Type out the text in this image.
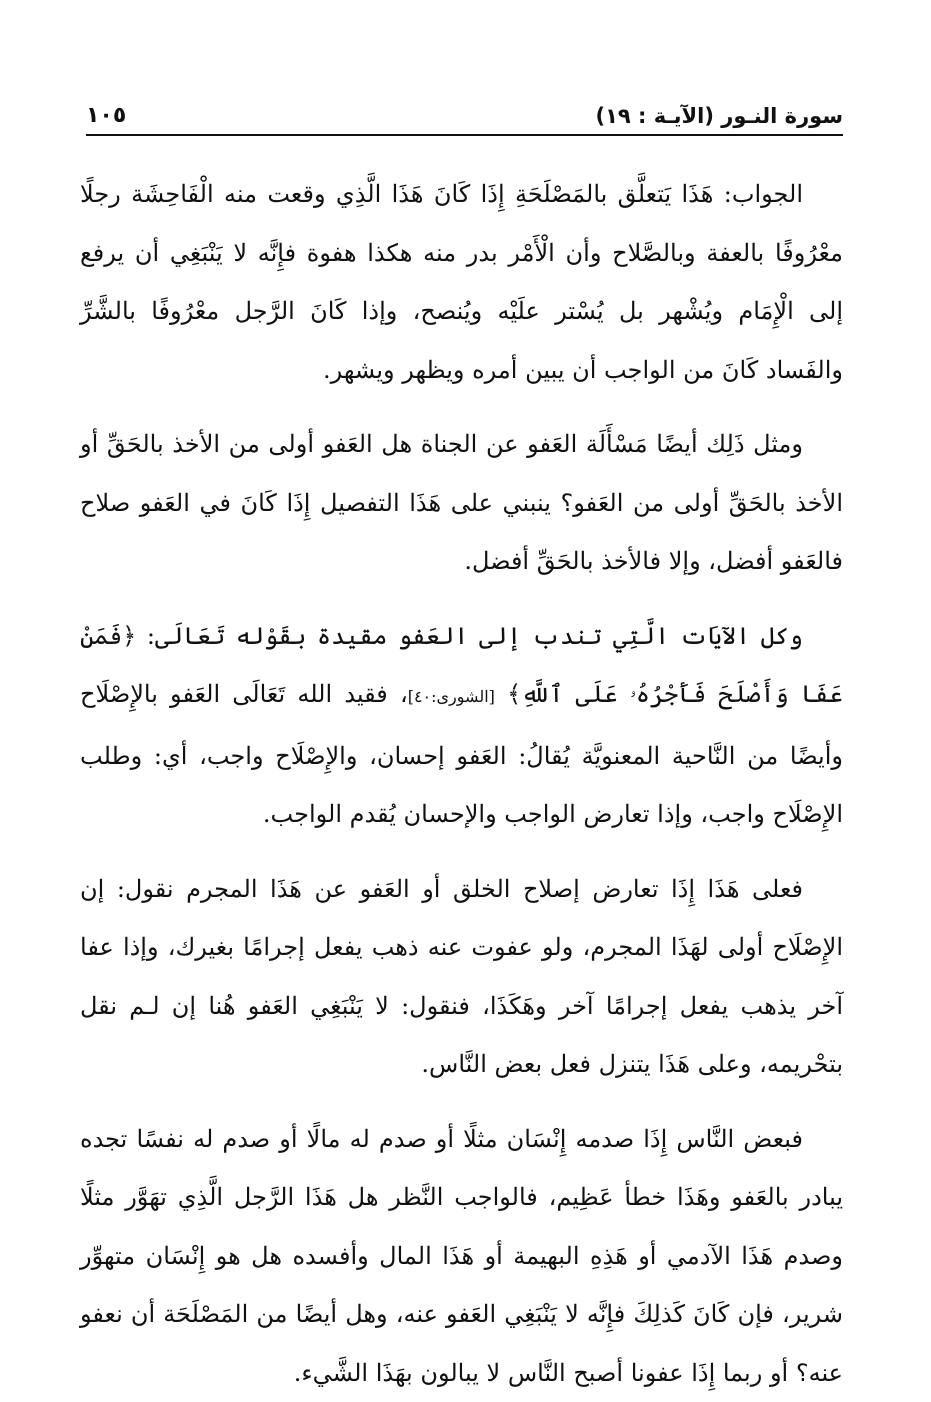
سورة النـور (الآيـة : ١٩)
١٠٥

الجواب: هَذَا يَتعلَّق بالمَصْلَحَةِ إِذَا كَانَ هَذَا الَّذِي وقعت منه الْفَاحِشَة رجلًا معْرُوفًا بالعفة وبالصَّلاح وأن الْأَمْر بدر منه هكذا هفوة فإِنَّه لا يَنْبَغِي أن يرفع إلى الْإِمَام ويُشْهر بل يُسْتر علَيْه ويُنصح، وإذا كَانَ الرَّجل معْرُوفًا بالشَّرِّ والفَساد كَانَ من الواجب أن يبين أمره ويظهر ويشهر.

ومثل ذَلِك أيضًا مَسْأَلَة العَفو عن الجناة هل العَفو أولى من الأخذ بالحَقِّ أو الأخذ بالحَقِّ أولى من العَفو؟ ينبني على هَذَا التفصيل إِذَا كَانَ في العَفو صلاح فالعَفو أفضل، وإلا فالأخذ بالحَقِّ أفضل.

وكل الآيَات الَّتِي تندب إلى العَفو مقيدة بقَوْله تَعَالَى: ﴿فَمَنْ عَفَا وَأَصْلَحَ فَأَجْرُهُۥ عَلَى ٱللَّهِ﴾ [الشورى:٤٠]، فقيد الله تَعَالَى العَفو بالإِصْلَاح وأيضًا من النَّاحية المعنويَّة يُقالُ: العَفو إحسان، والإِصْلَاح واجب، أي: وطلب الإِصْلَاح واجب، وإذا تعارض الواجب والإحسان يُقدم الواجب.

فعلى هَذَا إِذَا تعارض إصلاح الخلق أو العَفو عن هَذَا المجرم نقول: إن الإِصْلَاح أولى لهَذَا المجرم، ولو عفوت عنه ذهب يفعل إجرامًا بغيرك، وإذا عفا آخر يذهب يفعل إجرامًا آخر وهَكَذَا، فنقول: لا يَنْبَغِي العَفو هُنا إن لـم نقل بتحْريمه، وعلى هَذَا يتنزل فعل بعض النَّاس.

فبعض النَّاس إِذَا صدمه إِنْسَان مثلًا أو صدم له مالًا أو صدم له نفسًا تجده يبادر بالعَفو وهَذَا خطأ عَظِيم، فالواجب النَّظر هل هَذَا الرَّجل الَّذِي تهَوَّر مثلًا وصدم هَذَا الآدمي أو هَذِهِ البهيمة أو هَذَا المال وأفسده هل هو إِنْسَان متهوِّر شرير، فإن كَانَ كَذلِكَ فإِنَّه لا يَنْبَغِي العَفو عنه، وهل أيضًا من المَصْلَحَة أن نعفو عنه؟ أو ربما إِذَا عفونا أصبح النَّاس لا يبالون بهَذَا الشَّيء.
